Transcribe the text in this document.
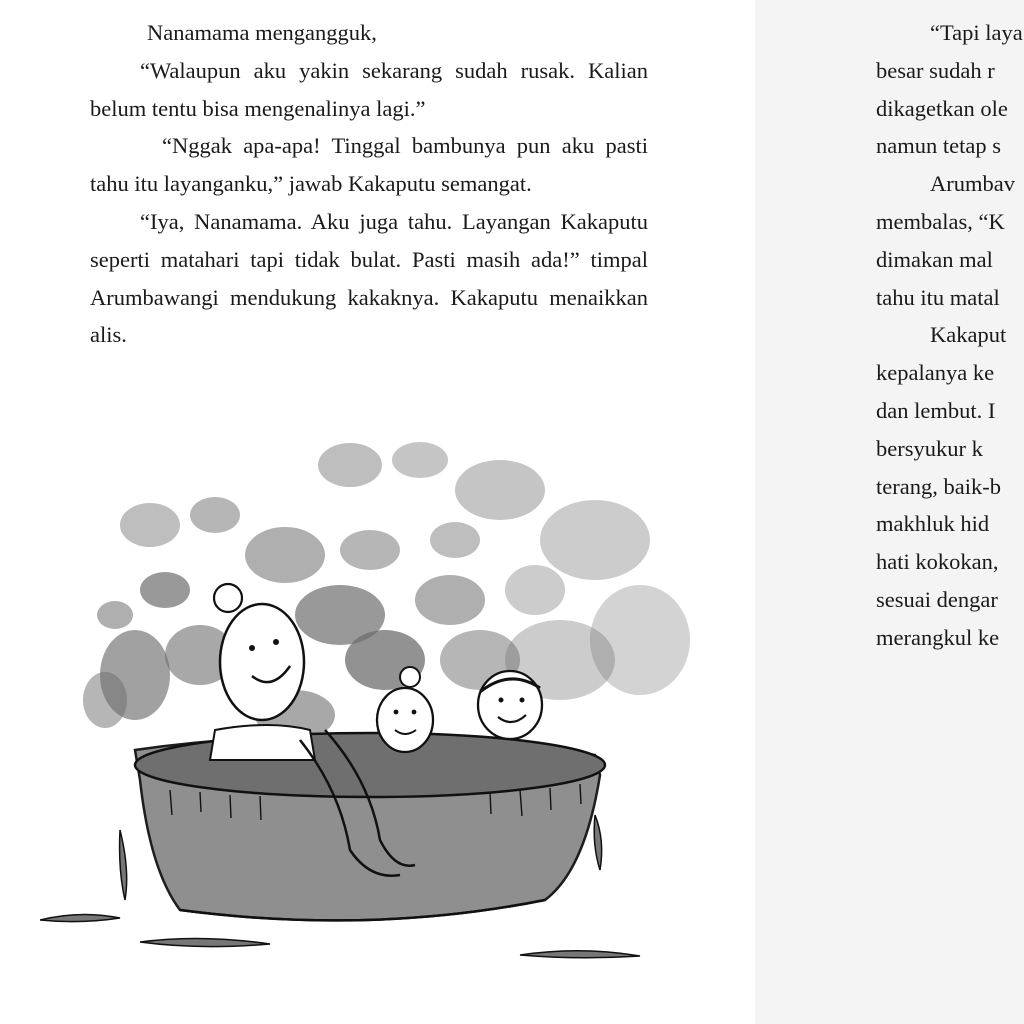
Nanamama mengangguk,

“Walaupun aku yakin sekarang sudah rusak. Kalian belum tentu bisa mengenalinya lagi.”

“Nggak apa-apa! Tinggal bambunya pun aku pasti tahu itu layanganku,” jawab Kakaputu semangat.

“Iya, Nanamama. Aku juga tahu. Layangan Kakaputu seperti matahari tapi tidak bulat. Pasti masih ada!” timpal Arumbawangi mendukung kakaknya. Kakaputu menaikkan alis.

“Tapi laya
besar sudah r
dikagetkan ole
namun tetap s
Arumbav
membalas, “K
dimakan mal
tahu itu matal
Kakaput
kepalanya ke
dan lembut. I
bersyukur k
terang, baik-b
makhluk hid
hati kokokan,
sesuai dengar
merangkul ke
